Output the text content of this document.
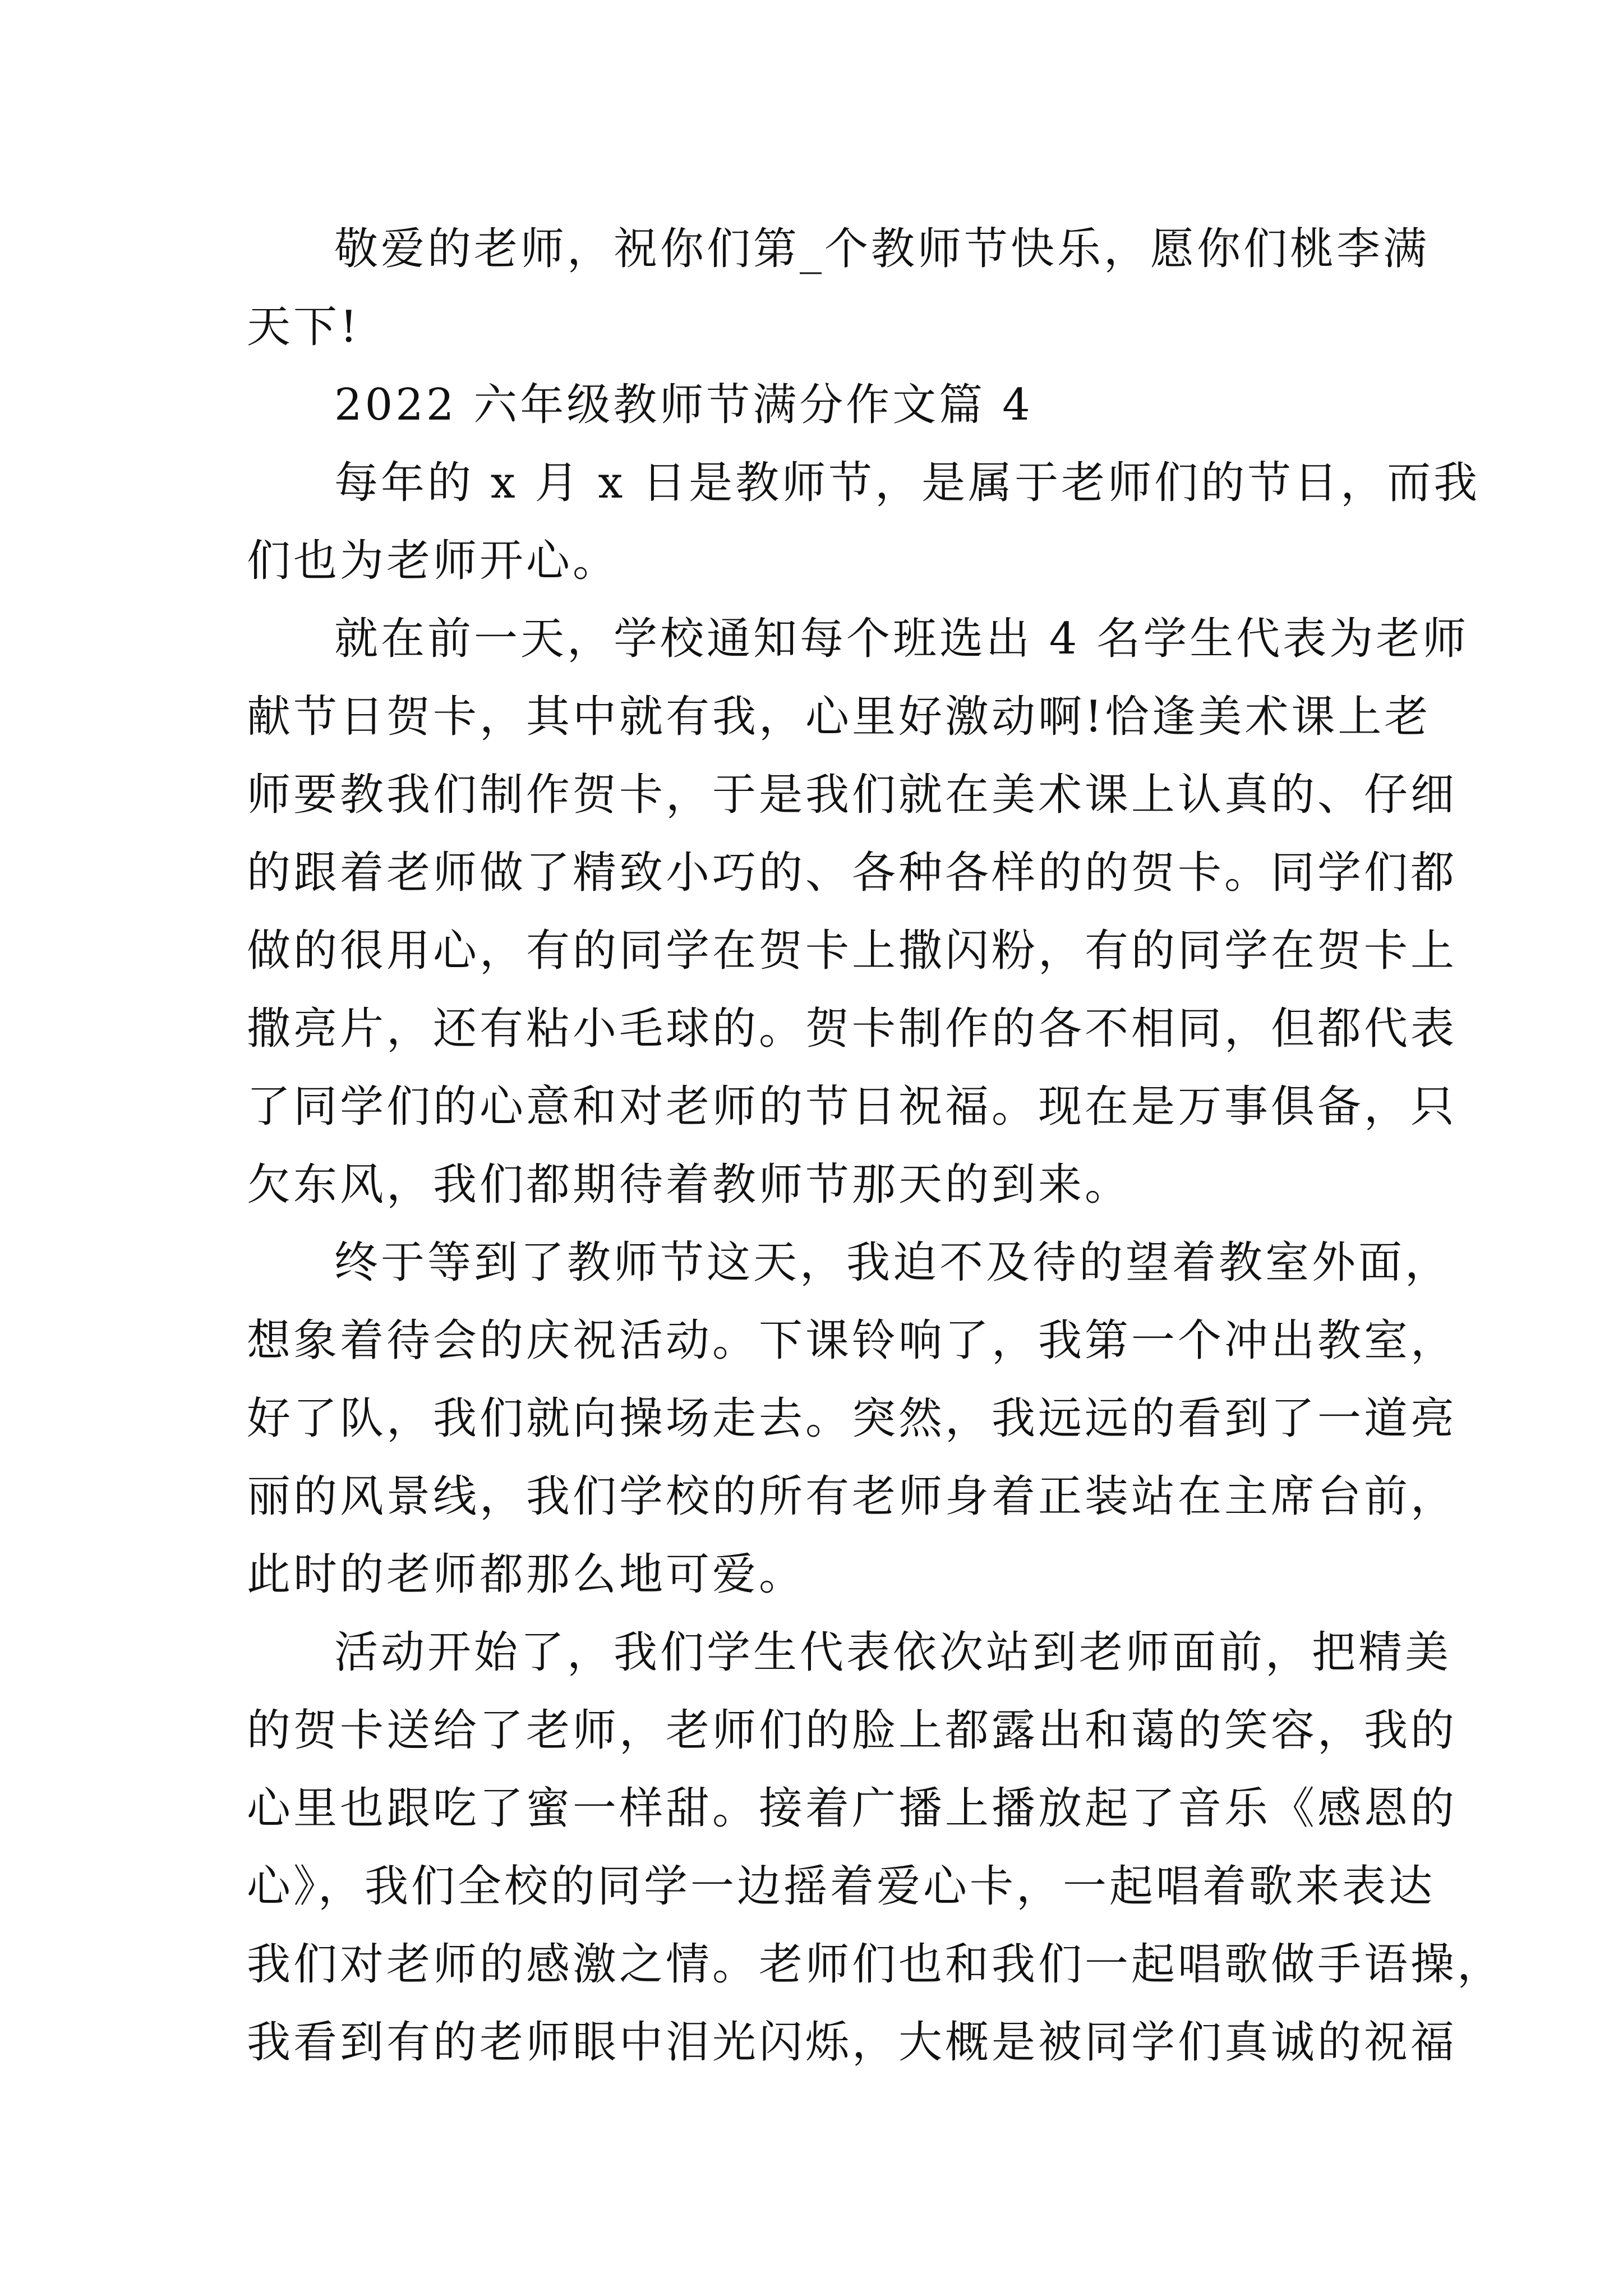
敬爱的老师，祝你们第_个教师节快乐，愿你们桃李满

天下!

2022 六年级教师节满分作文篇 4

每年的 x 月 x 日是教师节，是属于老师们的节日，而我

们也为老师开心。

就在前一天，学校通知每个班选出 4 名学生代表为老师

献节日贺卡，其中就有我，心里好激动啊!恰逢美术课上老

师要教我们制作贺卡，于是我们就在美术课上认真的、仔细

的跟着老师做了精致小巧的、各种各样的的贺卡。同学们都

做的很用心，有的同学在贺卡上撒闪粉，有的同学在贺卡上

撒亮片，还有粘小毛球的。贺卡制作的各不相同，但都代表

了同学们的心意和对老师的节日祝福。现在是万事俱备，只

欠东风，我们都期待着教师节那天的到来。

终于等到了教师节这天，我迫不及待的望着教室外面，

想象着待会的庆祝活动。下课铃响了，我第一个冲出教室，

好了队，我们就向操场走去。突然，我远远的看到了一道亮

丽的风景线，我们学校的所有老师身着正装站在主席台前，

此时的老师都那么地可爱。

活动开始了，我们学生代表依次站到老师面前，把精美

的贺卡送给了老师，老师们的脸上都露出和蔼的笑容，我的

心里也跟吃了蜜一样甜。接着广播上播放起了音乐《感恩的

心》，我们全校的同学一边摇着爱心卡，一起唱着歌来表达

我们对老师的感激之情。老师们也和我们一起唱歌做手语操，

我看到有的老师眼中泪光闪烁，大概是被同学们真诚的祝福
